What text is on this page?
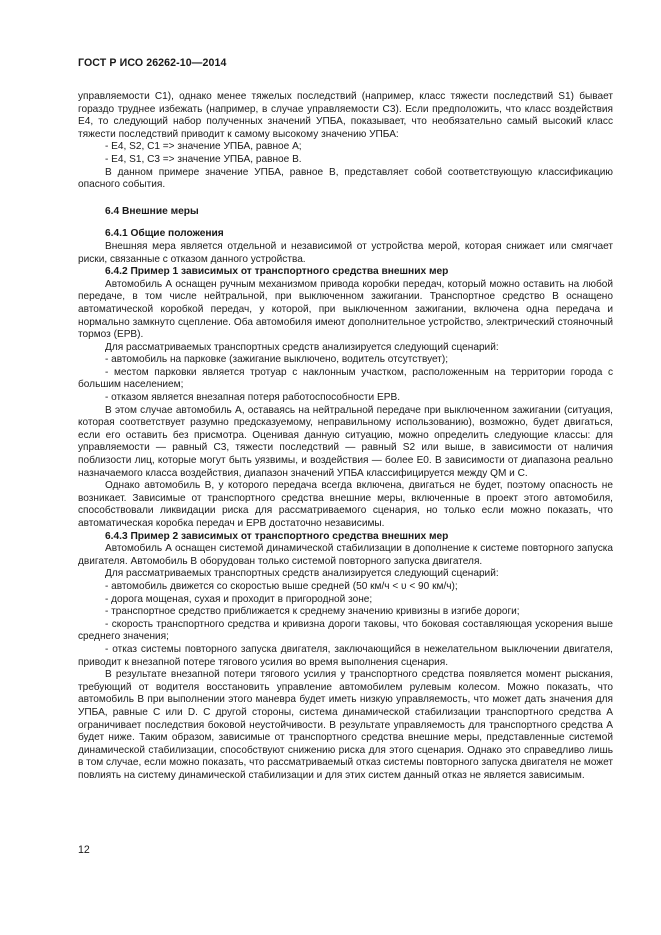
ГОСТ Р ИСО 26262-10—2014

управляемости C1), однако менее тяжелых последствий (например, класс тяжести последствий S1) бывает гораздо труднее избежать (например, в случае управляемости C3). Если предположить, что класс воздействия E4, то следующий набор полученных значений УПБА, показывает, что необязательно самый высокий класс тяжести последствий приводит к самому высокому значению УПБА:

- E4, S2, C1 => значение УПБА, равное А;

- E4, S1, C3 => значение УПБА, равное В.

В данном примере значение УПБА, равное В, представляет собой соответствующую классификацию опасного события.

6.4 Внешние меры
6.4.1 Общие положения

Внешняя мера является отдельной и независимой от устройства мерой, которая снижает или смягчает риски, связанные с отказом данного устройства.

6.4.2 Пример 1 зависимых от транспортного средства внешних мер

Автомобиль А оснащен ручным механизмом привода коробки передач, который можно оставить на любой передаче, в том числе нейтральной, при выключенном зажигании. Транспортное средство В оснащено автоматической коробкой передач, у которой, при выключенном зажигании, включена одна передача и нормально замкнуто сцепление. Оба автомобиля имеют дополнительное устройство, электрический стояночный тормоз (EPB).

Для рассматриваемых транспортных средств анализируется следующий сценарий:

- автомобиль на парковке (зажигание выключено, водитель отсутствует);

- местом парковки является тротуар с наклонным участком, расположенным на территории города с большим населением;

- отказом является внезапная потеря работоспособности EPB.

В этом случае автомобиль А, оставаясь на нейтральной передаче при выключенном зажигании (ситуация, которая соответствует разумно предсказуемому, неправильному использованию), возможно, будет двигаться, если его оставить без присмотра. Оценивая данную ситуацию, можно определить следующие классы: для управляемости — равный С3, тяжести последствий — равный S2 или выше, в зависимости от наличия поблизости лиц, которые могут быть уязвимы, и воздействия — более E0. В зависимости от диапазона реально назначаемого класса воздействия, диапазон значений УПБА классифицируется между QM и С.

Однако автомобиль В, у которого передача всегда включена, двигаться не будет, поэтому опасность не возникает. Зависимые от транспортного средства внешние меры, включенные в проект этого автомобиля, способствовали ликвидации риска для рассматриваемого сценария, но только если можно показать, что автоматическая коробка передач и EPB достаточно независимы.

6.4.3 Пример 2 зависимых от транспортного средства внешних мер

Автомобиль А оснащен системой динамической стабилизации в дополнение к системе повторного запуска двигателя. Автомобиль В оборудован только системой повторного запуска двигателя.

Для рассматриваемых транспортных средств анализируется следующий сценарий:

- автомобиль движется со скоростью выше средней (50 км/ч < υ < 90 км/ч);

- дорога мощеная, сухая и проходит в пригородной зоне;

- транспортное средство приближается к среднему значению кривизны в изгибе дороги;

- скорость транспортного средства и кривизна дороги таковы, что боковая составляющая ускорения выше среднего значения;

- отказ системы повторного запуска двигателя, заключающийся в нежелательном выключении двигателя, приводит к внезапной потере тягового усилия во время выполнения сценария.

В результате внезапной потери тягового усилия у транспортного средства появляется момент рыскания, требующий от водителя восстановить управление автомобилем рулевым колесом. Можно показать, что автомобиль В при выполнении этого маневра будет иметь низкую управляемость, что может дать значения для УПБА, равные С или D. С другой стороны, система динамической стабилизации транспортного средства А ограничивает последствия боковой неустойчивости. В результате управляемость для транспортного средства А будет ниже. Таким образом, зависимые от транспортного средства внешние меры, представленные системой динамической стабилизации, способствуют снижению риска для этого сценария. Однако это справедливо лишь в том случае, если можно показать, что рассматриваемый отказ системы повторного запуска двигателя не может повлиять на систему динамической стабилизации и для этих систем данный отказ не является зависимым.

12
